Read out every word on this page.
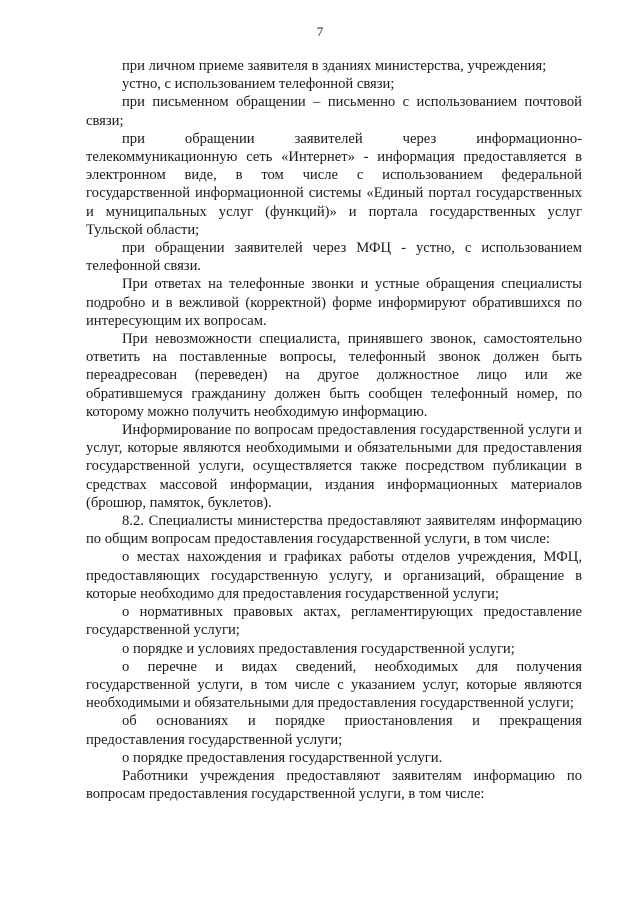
7

при личном приеме заявителя в зданиях министерства, учреждения;

устно, с использованием телефонной связи;

при письменном обращении – письменно с использованием почтовой связи;

при обращении заявителей через информационно-телекоммуникационную сеть «Интернет» - информация предоставляется в электронном виде, в том числе с использованием федеральной государственной информационной системы «Единый портал государственных и муниципальных услуг (функций)» и портала государственных услуг Тульской области;

при обращении заявителей через МФЦ - устно, с использованием телефонной связи.

При ответах на телефонные звонки и устные обращения специалисты подробно и в вежливой (корректной) форме информируют обратившихся по интересующим их вопросам.

При невозможности специалиста, принявшего звонок, самостоятельно ответить на поставленные вопросы, телефонный звонок должен быть переадресован (переведен) на другое должностное лицо или же обратившемуся гражданину должен быть сообщен телефонный номер, по которому можно получить необходимую информацию.

Информирование по вопросам предоставления государственной услуги и услуг, которые являются необходимыми и обязательными для предоставления государственной услуги, осуществляется также посредством публикации в средствах массовой информации, издания информационных материалов (брошюр, памяток, буклетов).

8.2. Специалисты министерства предоставляют заявителям информацию по общим вопросам предоставления государственной услуги, в том числе:

о местах нахождения и графиках работы отделов учреждения, МФЦ, предоставляющих государственную услугу, и организаций, обращение в которые необходимо для предоставления государственной услуги;

о нормативных правовых актах, регламентирующих предоставление государственной услуги;

о порядке и условиях предоставления государственной услуги;

о перечне и видах сведений, необходимых для получения государственной услуги, в том числе с указанием услуг, которые являются необходимыми и обязательными для предоставления государственной услуги;

об основаниях и порядке приостановления и прекращения предоставления государственной услуги;

о порядке предоставления государственной услуги.

Работники учреждения предоставляют заявителям информацию по вопросам предоставления государственной услуги, в том числе:
